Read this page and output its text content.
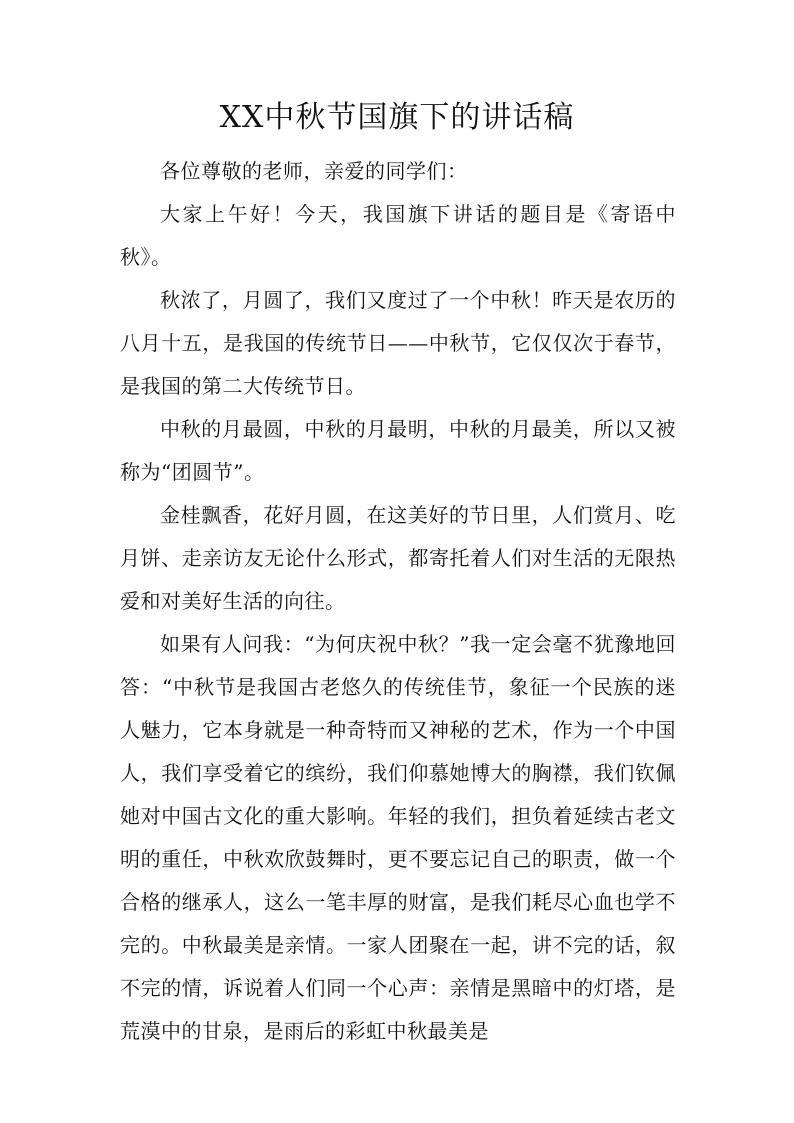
XX中秋节国旗下的讲话稿

各位尊敬的老师，亲爱的同学们：

大家上午好！今天，我国旗下讲话的题目是《寄语中秋》。

秋浓了，月圆了，我们又度过了一个中秋！昨天是农历的八月十五，是我国的传统节日——中秋节，它仅仅次于春节，是我国的第二大传统节日。

中秋的月最圆，中秋的月最明，中秋的月最美，所以又被称为“团圆节”。

金桂飘香，花好月圆，在这美好的节日里，人们赏月、吃月饼、走亲访友无论什么形式，都寄托着人们对生活的无限热爱和对美好生活的向往。

如果有人问我：“为何庆祝中秋？”我一定会毫不犹豫地回答：“中秋节是我国古老悠久的传统佳节，象征一个民族的迷人魅力，它本身就是一种奇特而又神秘的艺术，作为一个中国人，我们享受着它的缤纷，我们仰慕她博大的胸襟，我们钦佩她对中国古文化的重大影响。年轻的我们，担负着延续古老文明的重任，中秋欢欣鼓舞时，更不要忘记自己的职责，做一个合格的继承人，这么一笔丰厚的财富，是我们耗尽心血也学不完的。中秋最美是亲情。一家人团聚在一起，讲不完的话，叙不完的情，诉说着人们同一个心声：亲情是黑暗中的灯塔，是荒漠中的甘泉，是雨后的彩虹中秋最美是
